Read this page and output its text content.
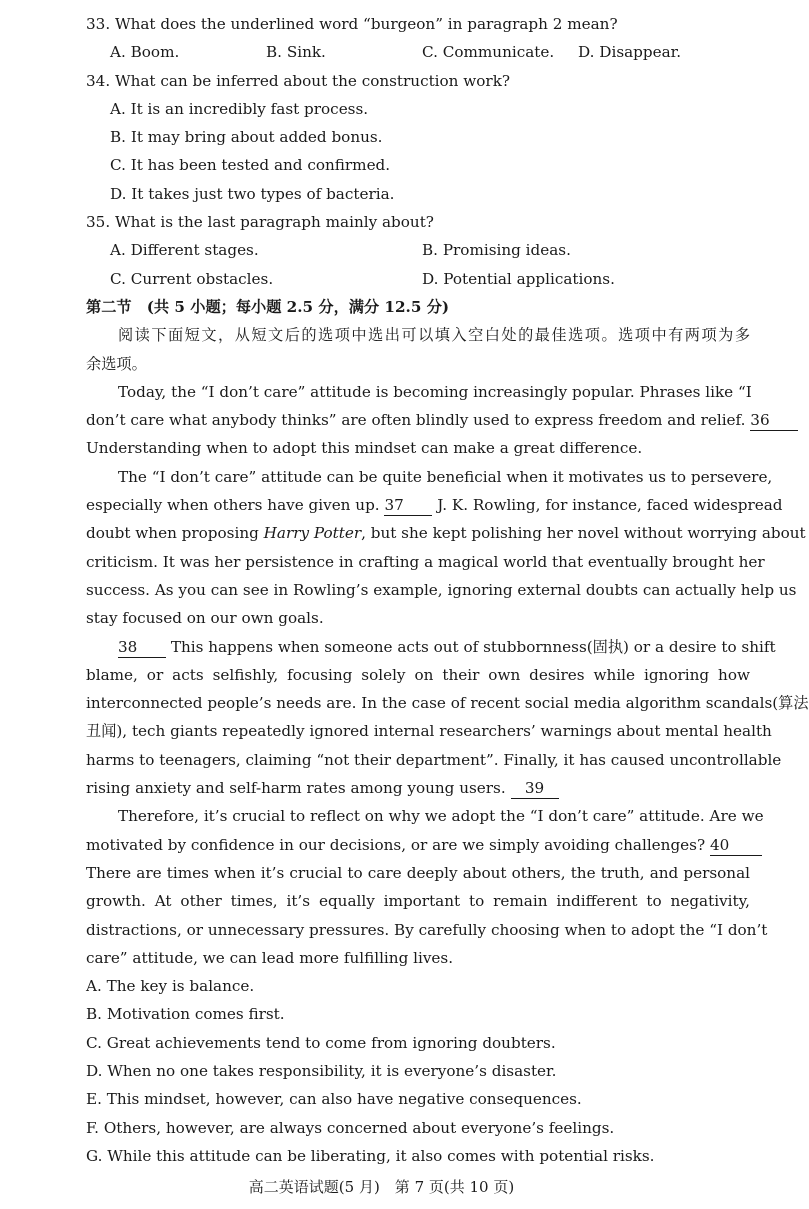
33. What does the underlined word “burgeon” in paragraph 2 mean?
A. Boom.	B. Sink.	C. Communicate. D. Disappear.
34. What can be inferred about the construction work?
A. It is an incredibly fast process.
B. It may bring about added bonus.
C. It has been tested and confirmed.
D. It takes just two types of bacteria.
35. What is the last paragraph mainly about?
A. Different stages.	B. Promising ideas.
C. Current obstacles.	D. Potential applications.
第二节　(共 5 小题；每小题 2.5 分，满分 12.5 分)
阅读下面短文，从短文后的选项中选出可以填入空白处的最佳选项。选项中有两项为多
余选项。
Today, the “I don’t care” attitude is becoming increasingly popular. Phrases like “I
don’t care what anybody thinks” are often blindly used to express freedom and relief. 36
Understanding when to adopt this mindset can make a great difference.
The “I don’t care” attitude can be quite beneficial when it motivates us to persevere,
especially when others have given up. 37 J. K. Rowling, for instance, faced widespread
doubt when proposing Harry Potter, but she kept polishing her novel without worrying about
criticism. It was her persistence in crafting a magical world that eventually brought her
success. As you can see in Rowling’s example, ignoring external doubts can actually help us
stay focused on our own goals.
38 This happens when someone acts out of stubbornness(固执) or a desire to shift
blame, or acts selfishly, focusing solely on their own desires while ignoring how
interconnected people’s needs are. In the case of recent social media algorithm scandals(算法
丑闻), tech giants repeatedly ignored internal researchers’ warnings about mental health
harms to teenagers, claiming “not their department”. Finally, it has caused uncontrollable
rising anxiety and self-harm rates among young users. 39
Therefore, it’s crucial to reflect on why we adopt the “I don’t care” attitude. Are we
motivated by confidence in our decisions, or are we simply avoiding challenges? 40
There are times when it’s crucial to care deeply about others, the truth, and personal
growth. At other times, it’s equally important to remain indifferent to negativity,
distractions, or unnecessary pressures. By carefully choosing when to adopt the “I don’t
care” attitude, we can lead more fulfilling lives.
A. The key is balance.
B. Motivation comes first.
C. Great achievements tend to come from ignoring doubters.
D. When no one takes responsibility, it is everyone’s disaster.
E. This mindset, however, can also have negative consequences.
F. Others, however, are always concerned about everyone’s feelings.
G. While this attitude can be liberating, it also comes with potential risks.
高二英语试题(5 月)　第 7 页(共 10 页)
